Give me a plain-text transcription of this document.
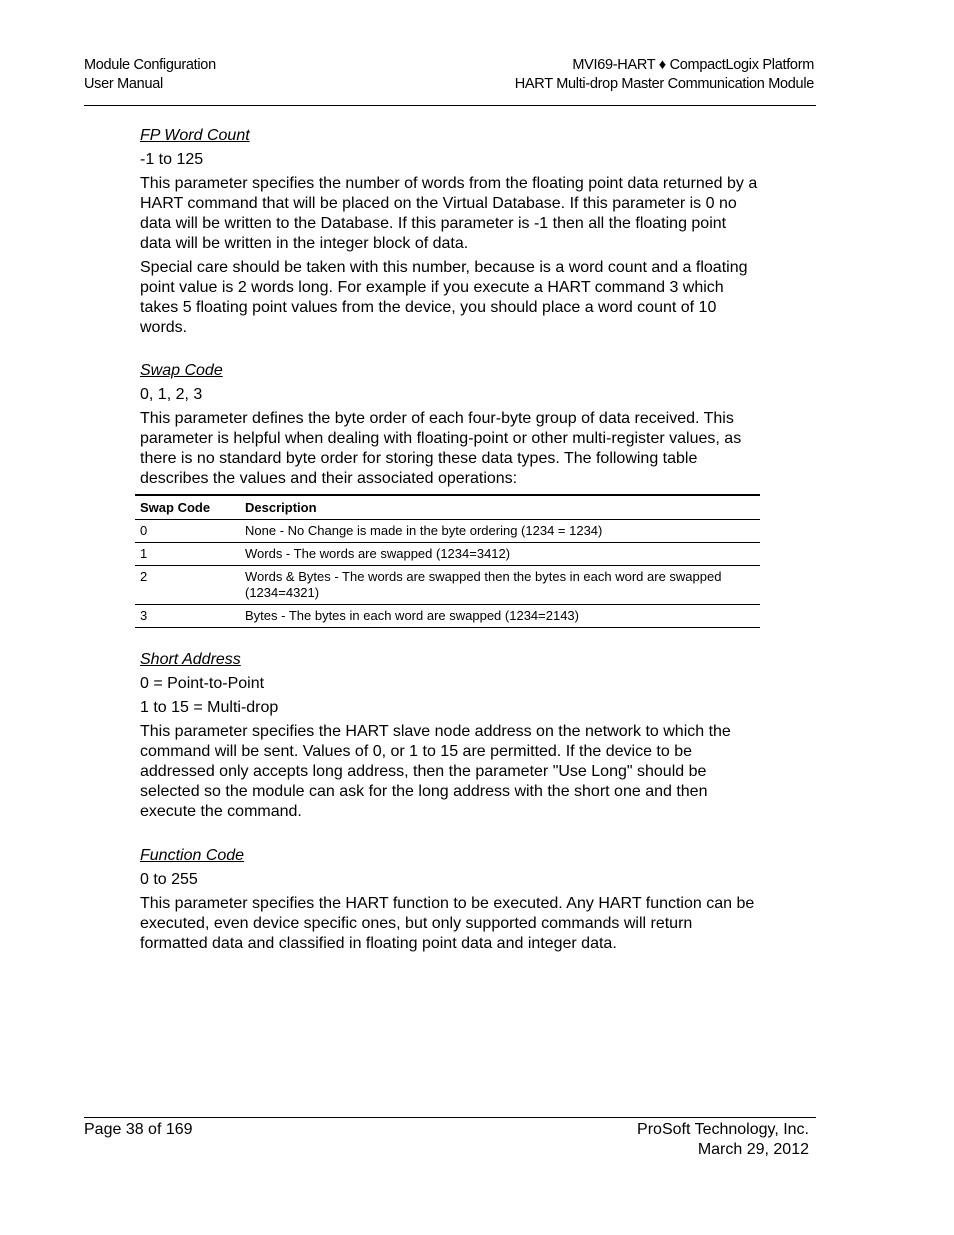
Module Configuration
User Manual
MVI69-HART ♦ CompactLogix Platform
HART Multi-drop Master Communication Module

FP Word Count

-1 to 125

This parameter specifies the number of words from the floating point data returned by a HART command that will be placed on the Virtual Database. If this parameter is 0 no data will be written to the Database. If this parameter is -1 then all the floating point data will be written in the integer block of data.

Special care should be taken with this number, because is a word count and a floating point value is 2 words long. For example if you execute a HART command 3 which takes 5 floating point values from the device, you should place a word count of 10 words.

Swap Code

0, 1, 2, 3

This parameter defines the byte order of each four-byte group of data received. This parameter is helpful when dealing with floating-point or other multi-register values, as there is no standard byte order for storing these data types. The following table describes the values and their associated operations:

Swap Code	Description
0	None - No Change is made in the byte ordering (1234 = 1234)
1	Words - The words are swapped (1234=3412)
2	Words & Bytes - The words are swapped then the bytes in each word are swapped (1234=4321)
3	Bytes - The bytes in each word are swapped (1234=2143)

Short Address

0 = Point-to-Point

1 to 15 = Multi-drop

This parameter specifies the HART slave node address on the network to which the command will be sent. Values of 0, or 1 to 15 are permitted. If the device to be addressed only accepts long address, then the parameter "Use Long" should be selected so the module can ask for the long address with the short one and then execute the command.

Function Code

0 to 255

This parameter specifies the HART function to be executed. Any HART function can be executed, even device specific ones, but only supported commands will return formatted data and classified in floating point data and integer data.

Page 38 of 169	ProSoft Technology, Inc.
March 29, 2012
